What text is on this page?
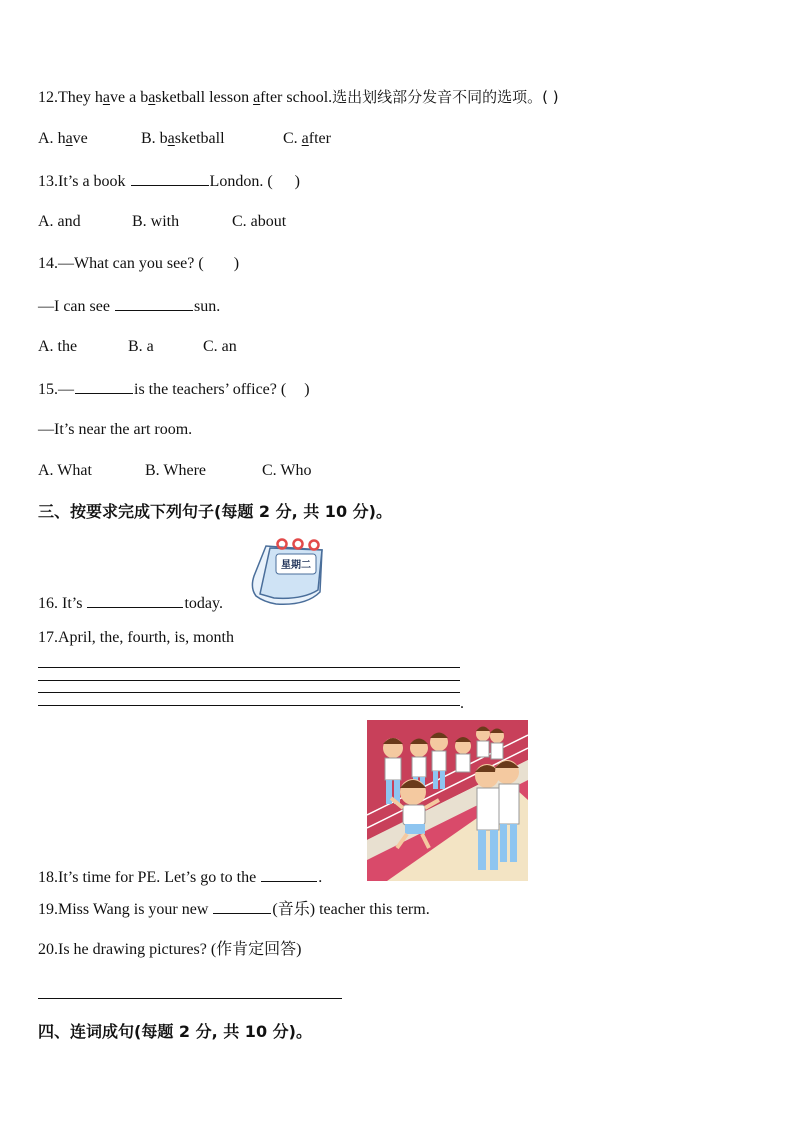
12.They have a basketball lesson after school.选出划线部分发音不同的选项。( )
A. have	B. basketball	C. after
13.It’s a book	London. ( )
A. and	B. with	C. about
14.—What can you see? ( )
—I can see	sun.
A. the	B. a	C. an
15.—	is the teachers’ office? ( )
—It’s near the art room.
A. What	B. Where	C. Who
三、按要求完成下列句子(每题 2 分, 共 10 分)。
星期二
16. It’s	today.
17.April, the, fourth, is, month
.
18.It’s time for PE. Let’s go to the	.
19.Miss Wang is your new	(音乐) teacher this term.
20.Is he drawing pictures? (作肯定回答)
四、连词成句(每题 2 分, 共 10 分)。
